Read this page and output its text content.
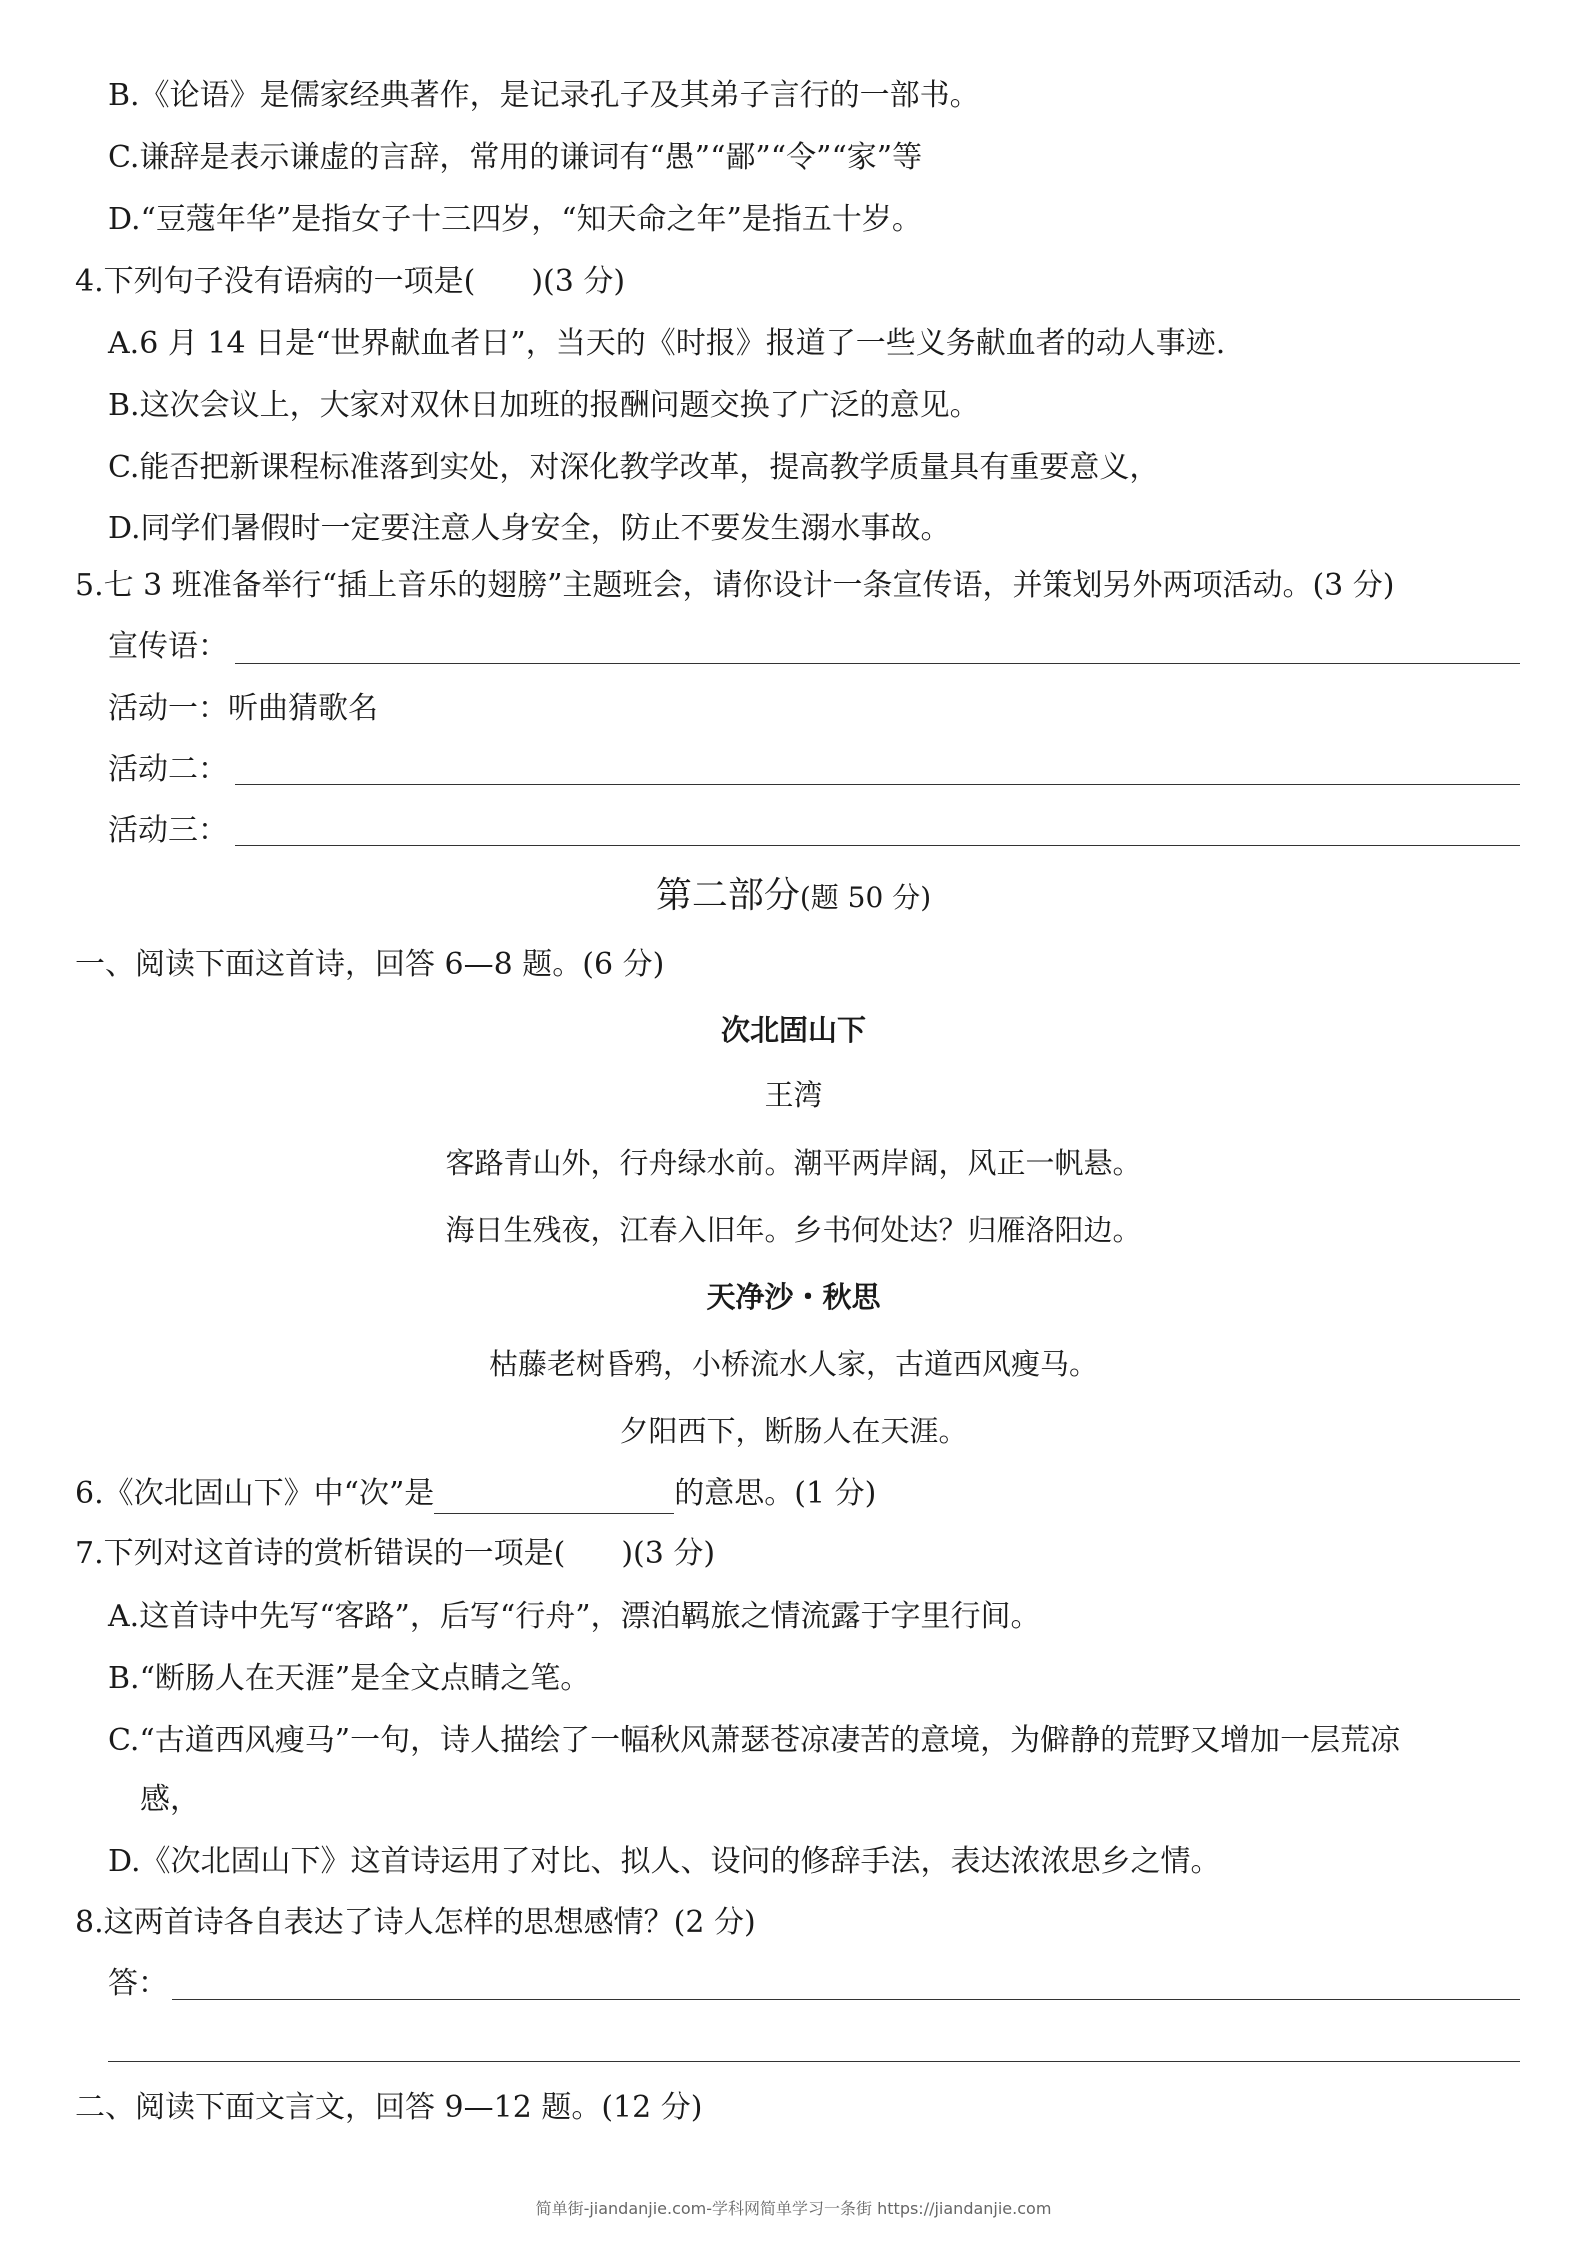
B.《论语》是儒家经典著作，是记录孔子及其弟子言行的一部书。
C.谦辞是表示谦虚的言辞，常用的谦词有“愚”“鄙”“令”“家”等
D.“豆蔻年华”是指女子十三四岁，“知天命之年”是指五十岁。
4.下列句子没有语病的一项是( )(3 分)
A.6 月 14 日是“世界献血者日”，当天的《时报》报道了一些义务献血者的动人事迹.
B.这次会议上，大家对双休日加班的报酬问题交换了广泛的意见。
C.能否把新课程标准落到实处，对深化教学改革，提高教学质量具有重要意义，
D.同学们暑假时一定要注意人身安全，防止不要发生溺水事故。
5.七 3 班准备举行“插上音乐的翅膀”主题班会，请你设计一条宣传语，并策划另外两项活动。(3 分)
宣传语：
活动一：听曲猜歌名
活动二：
活动三：
第二部分(题 50 分)
一、阅读下面这首诗，回答 6—8 题。(6 分)
次北固山下
王湾
客路青山外，行舟绿水前。潮平两岸阔，风正一帆悬。
海日生残夜，江春入旧年。乡书何处达？归雁洛阳边。
天净沙・秋思
枯藤老树昏鸦，小桥流水人家，古道西风瘦马。
夕阳西下，断肠人在天涯。
6.《次北固山下》中“次”是	的意思。(1 分)
7.下列对这首诗的赏析错误的一项是( )(3 分)
A.这首诗中先写“客路”，后写“行舟”，漂泊羁旅之情流露于字里行间。
B.“断肠人在天涯”是全文点睛之笔。
C.“古道西风瘦马”一句，诗人描绘了一幅秋风萧瑟苍凉凄苦的意境，为僻静的荒野又增加一层荒凉
感，
D.《次北固山下》这首诗运用了对比、拟人、设问的修辞手法，表达浓浓思乡之情。
8.这两首诗各自表达了诗人怎样的思想感情？(2 分)
答：
二、阅读下面文言文，回答 9—12 题。(12 分)
简单街-jiandanjie.com-学科网简单学习一条街 https://jiandanjie.com
